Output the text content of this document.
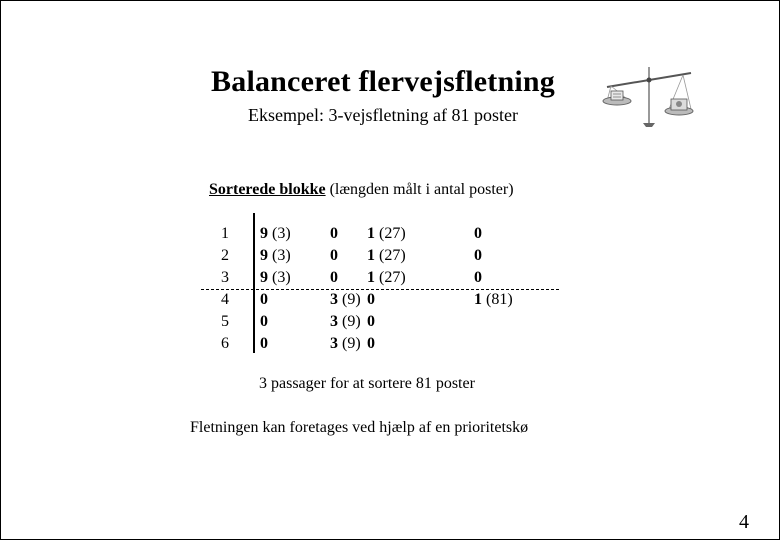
Balanceret flervejsfletning
Eksempel: 3-vejsfletning af 81 poster
Sorterede blokke (længden målt i antal poster)
1
2
3
4
5
6
9 (3)
9 (3)
9 (3)
0
0
0
0
0
0
3 (9)
3 (9)
3 (9)
1 (27)
1 (27)
1 (27)
0
0
0
0
0
0
1 (81)
3 passager for at sortere 81 poster
Fletningen kan foretages ved hjælp af en prioritetskø
4
